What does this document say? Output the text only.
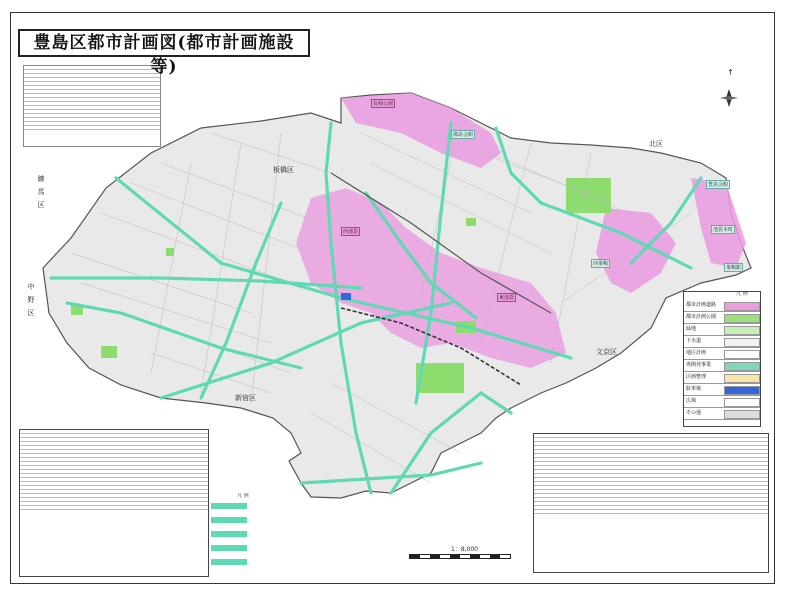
↑
板橋区
北区
練馬区
中野区
新宿区
文京区
長崎公園
都島会館
豊島会館
西池袋	池袋本町
東池袋
西巣鴨
巣鴨駅
凡 例
都市計画道路
都市計画公園
緑地
下水道
地区計画
再開発事業
区画整理
駐車場
広場
その他
凡 例
1：8,000
豊島区都市計画図(都市計画施設等)
